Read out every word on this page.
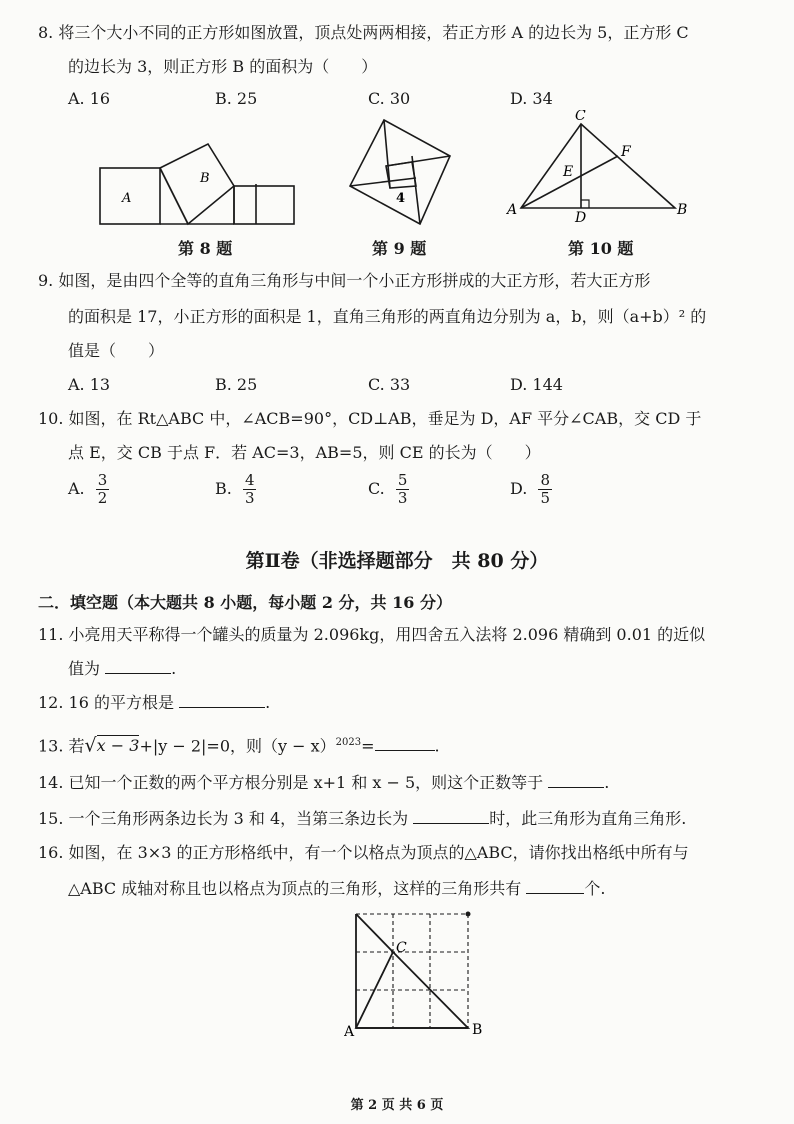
8. 将三个大小不同的正方形如图放置，顶点处两两相接，若正方形 A 的边长为 5，正方形 C
的边长为 3，则正方形 B 的面积为（　　）
A. 16	B. 25	C. 30	D. 34
A
B
第 8 题
4
第 9 题
C
F
E
A	D	B
第 10 题
9. 如图，是由四个全等的直角三角形与中间一个小正方形拼成的大正方形，若大正方形
的面积是 17，小正方形的面积是 1，直角三角形的两直角边分别为 a，b，则（a+b）² 的
值是（　　）
A. 13	B. 25	C. 33	D. 144
10. 如图，在 Rt△ABC 中，∠ACB=90°，CD⊥AB，垂足为 D，AF 平分∠CAB，交 CD 于
点 E，交 CB 于点 F．若 AC=3，AB=5，则 CE 的长为（　　）
A. $\frac{3}{2}$	B. $\frac{4}{3}$	C. $\frac{5}{3}$	D. $\frac{8}{5}$
第Ⅱ卷（非选择题部分　共 80 分）
二．填空题（本大题共 8 小题，每小题 2 分，共 16 分）
11. 小亮用天平称得一个罐头的质量为 2.096kg，用四舍五入法将 2.096 精确到 0.01 的近似
值为	.
12. 16 的平方根是	.
13. 若√x − 3+|y − 2|=0，则$(y - x)^{2023}=$	.
14. 已知一个正数的两个平方根分别是 x+1 和 x − 5，则这个正数等于	.
15. 一个三角形两条边长为 3 和 4，当第三条边长为	时，此三角形为直角三角形.
16. 如图，在 3×3 的正方形格纸中，有一个以格点为顶点的△ABC，请你找出格纸中所有与
△ABC 成轴对称且也以格点为顶点的三角形，这样的三角形共有	个.
C
A	B
第 2 页 共 6 页
